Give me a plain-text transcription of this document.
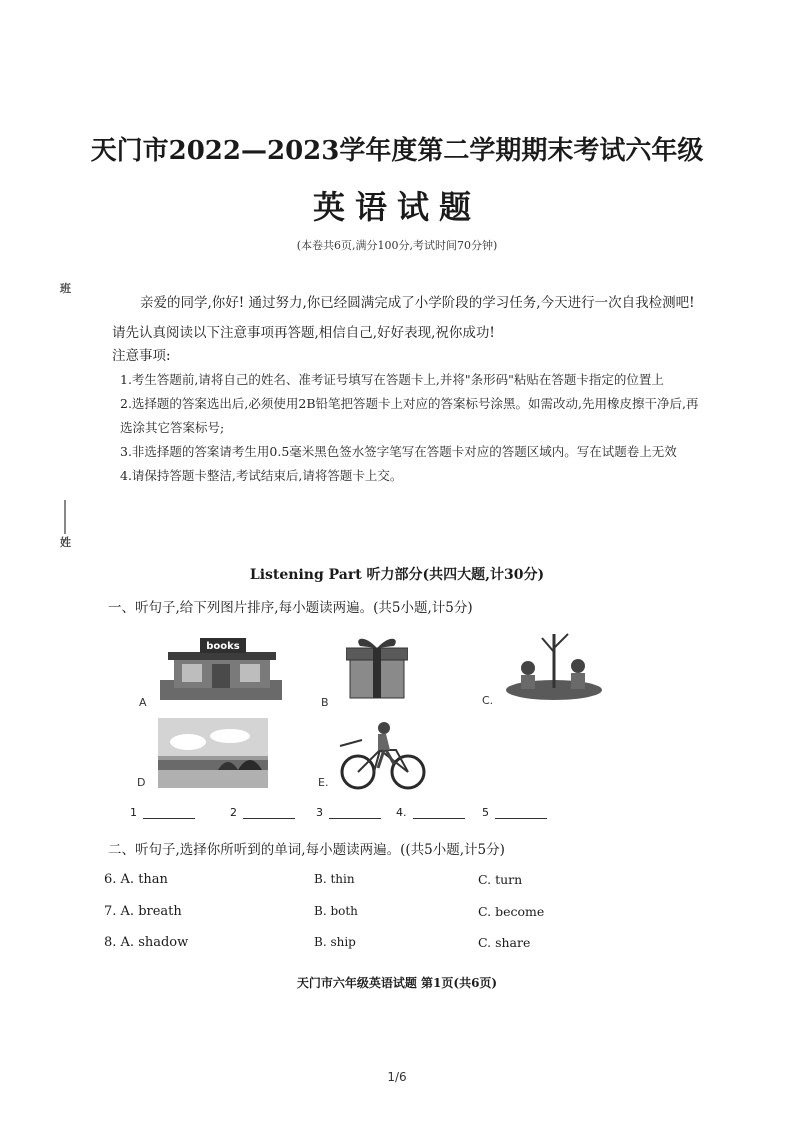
班
姓
天门市2022—2023学年度第二学期期末考试六年级
英语试题
(本卷共6页,满分100分,考试时间70分钟)

亲爱的同学,你好! 通过努力,你已经圆满完成了小学阶段的学习任务,今天进行一次自我检测吧! 请先认真阅读以下注意事项再答题,相信自己,好好表现,祝你成功!

注意事项:
1.考生答题前,请将自己的姓名、准考证号填写在答题卡上,并将"条形码"粘贴在答题卡指定的位置上
2.选择题的答案选出后,必须使用2B铅笔把答题卡上对应的答案标号涂黑。如需改动,先用橡皮擦干净后,再选涂其它答案标号;
3.非选择题的答案请考生用0.5毫米黑色签水签字笔写在答题卡对应的答题区域内。写在试题卷上无效
4.请保持答题卡整洁,考试结束后,请将答题卡上交。
Listening Part 听力部分(共四大题,计30分)
一、听句子,给下列图片排序,每小题读两遍。(共5小题,计5分)
books
A	B	C.
D	E.
1	2	3	4.	5
二、听句子,选择你所听到的单词,每小题读两遍。((共5小题,计5分)
6. A. than	B. thin	C. turn
7. A. breath	B. both	C. become
8. A. shadow	B. ship	C. share
天门市六年级英语试题 第1页(共6页)
1/6
